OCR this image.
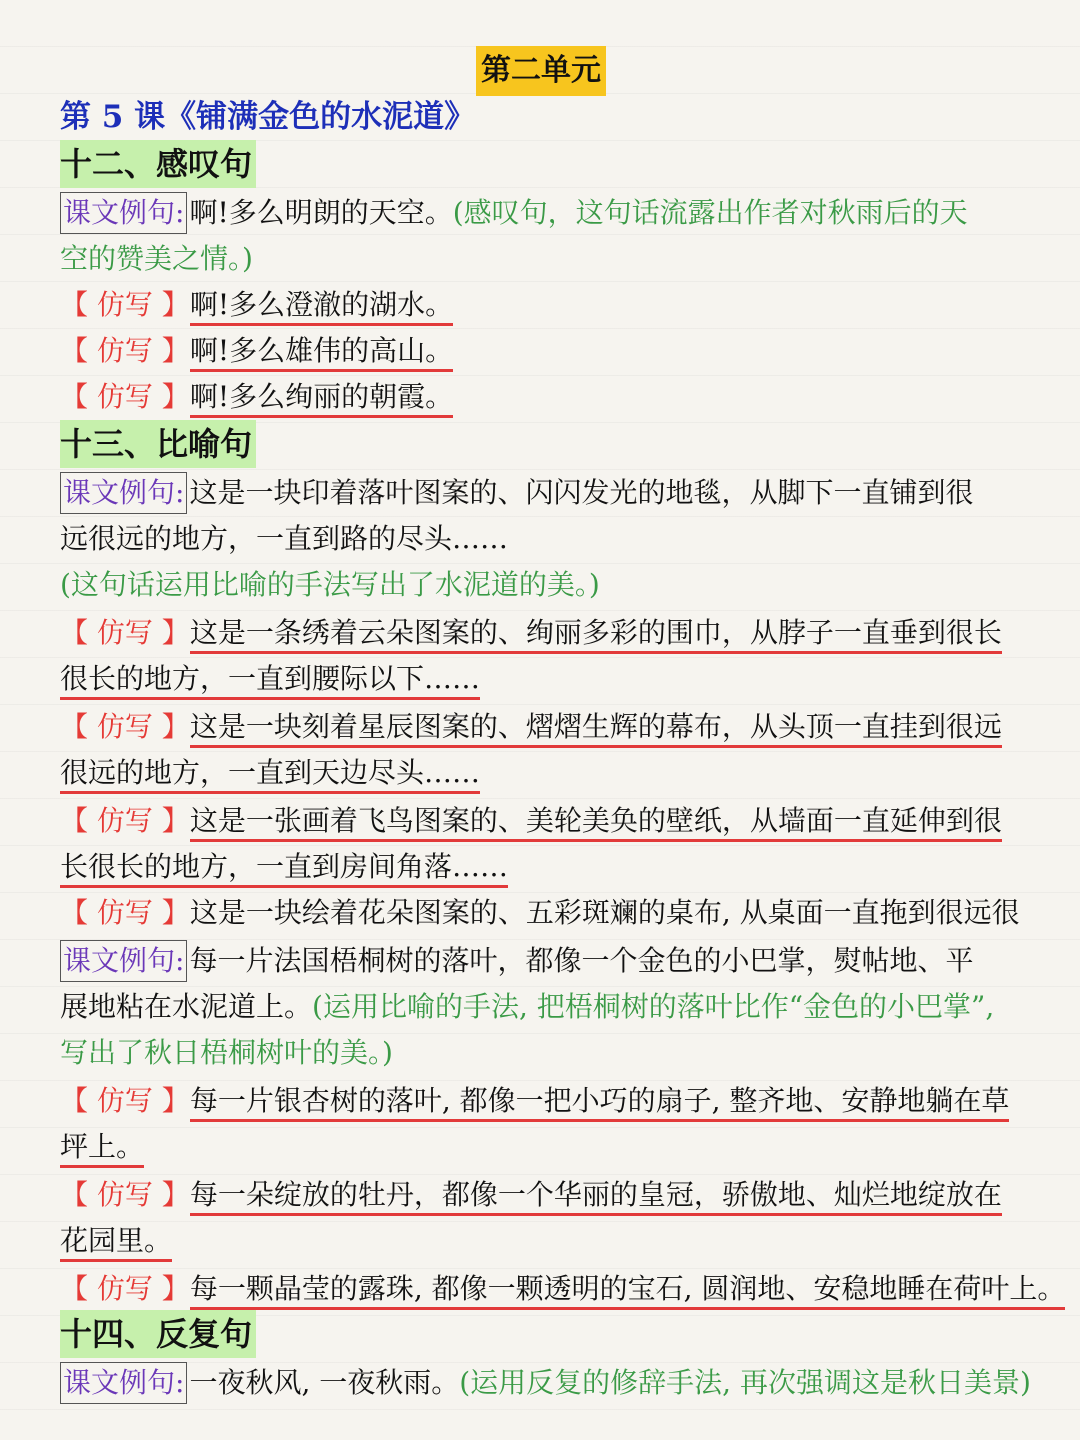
第二单元
第 5 课《铺满金色的水泥道》
十二、感叹句
课文例句: 啊!多么明朗的天空。(感叹句，这句话流露出作者对秋雨后的天
空的赞美之情。)
【 仿写 】啊!多么澄澈的湖水。
【 仿写 】啊!多么雄伟的高山。
【 仿写 】啊!多么绚丽的朝霞。
十三、比喻句
课文例句: 这是一块印着落叶图案的、闪闪发光的地毯，从脚下一直铺到很
远很远的地方，一直到路的尽头……
(这句话运用比喻的手法写出了水泥道的美。)
【 仿写 】这是一条绣着云朵图案的、绚丽多彩的围巾，从脖子一直垂到很长
很长的地方，一直到腰际以下……
【 仿写 】这是一块刻着星辰图案的、熠熠生辉的幕布，从头顶一直挂到很远
很远的地方，一直到天边尽头……
【 仿写 】这是一张画着飞鸟图案的、美轮美奂的壁纸，从墙面一直延伸到很
长很长的地方，一直到房间角落……
【 仿写 】这是一块绘着花朵图案的、五彩斑斓的桌布, 从桌面一直拖到很远很
课文例句: 每一片法国梧桐树的落叶，都像一个金色的小巴掌，熨帖地、平
展地粘在水泥道上。(运用比喻的手法, 把梧桐树的落叶比作“金色的小巴掌”,
写出了秋日梧桐树叶的美。)
【 仿写 】每一片银杏树的落叶, 都像一把小巧的扇子, 整齐地、安静地躺在草
坪上。
【 仿写 】每一朵绽放的牡丹，都像一个华丽的皇冠，骄傲地、灿烂地绽放在
花园里。
【 仿写 】每一颗晶莹的露珠, 都像一颗透明的宝石, 圆润地、安稳地睡在荷叶上。
十四、反复句
课文例句: 一夜秋风, 一夜秋雨。(运用反复的修辞手法, 再次强调这是秋日美景)
